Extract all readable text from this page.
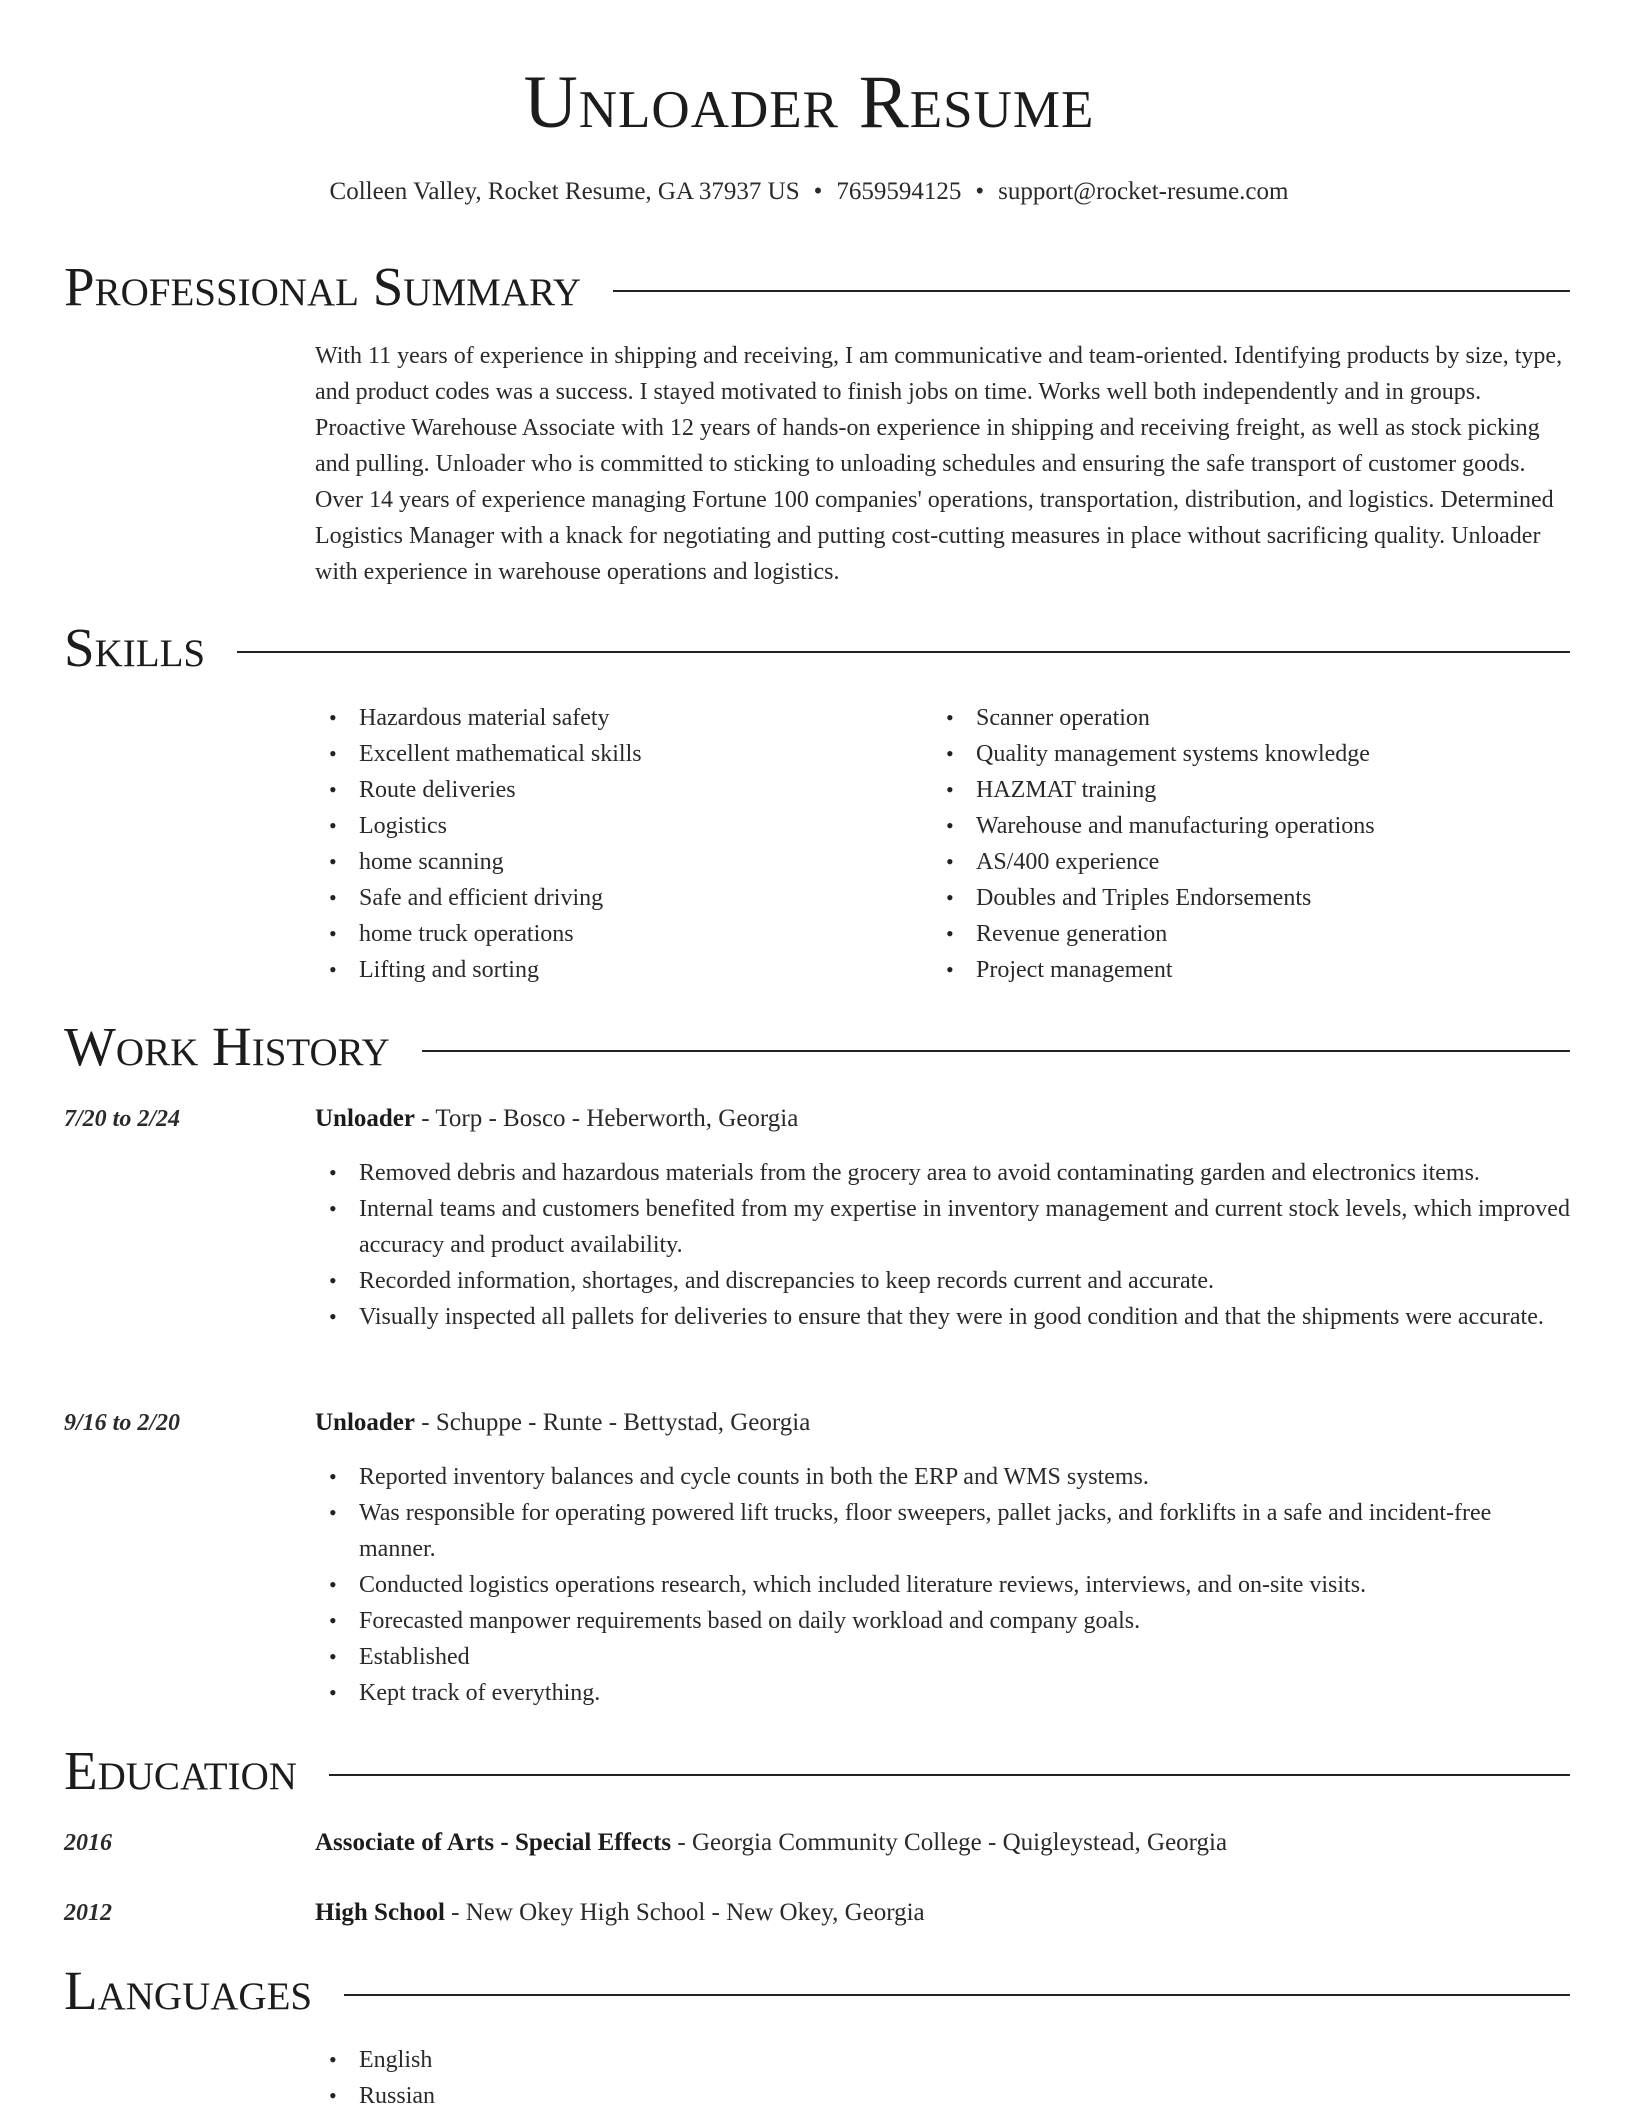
Unloader Resume
Colleen Valley, Rocket Resume, GA 37937 US • 7659594125 • support@rocket-resume.com
Professional Summary

With 11 years of experience in shipping and receiving, I am communicative and team-oriented. Identifying products by size, type, and product codes was a success. I stayed motivated to finish jobs on time. Works well both independently and in groups. Proactive Warehouse Associate with 12 years of hands-on experience in shipping and receiving freight, as well as stock picking and pulling. Unloader who is committed to sticking to unloading schedules and ensuring the safe transport of customer goods. Over 14 years of experience managing Fortune 100 companies' operations, transportation, distribution, and logistics. Determined Logistics Manager with a knack for negotiating and putting cost-cutting measures in place without sacrificing quality. Unloader with experience in warehouse operations and logistics.

Skills
• Hazardous material safety
• Excellent mathematical skills
• Route deliveries
• Logistics
• home scanning
• Safe and efficient driving
• home truck operations
• Lifting and sorting
• Scanner operation
• Quality management systems knowledge
• HAZMAT training
• Warehouse and manufacturing operations
• AS/400 experience
• Doubles and Triples Endorsements
• Revenue generation
• Project management
Work History
7/20 to 2/24	Unloader - Torp - Bosco - Heberworth, Georgia
• Removed debris and hazardous materials from the grocery area to avoid contaminating garden and electronics items.
• Internal teams and customers benefited from my expertise in inventory management and current stock levels, which improved accuracy and product availability.
• Recorded information, shortages, and discrepancies to keep records current and accurate.
• Visually inspected all pallets for deliveries to ensure that they were in good condition and that the shipments were accurate.
9/16 to 2/20	Unloader - Schuppe - Runte - Bettystad, Georgia
• Reported inventory balances and cycle counts in both the ERP and WMS systems.
• Was responsible for operating powered lift trucks, floor sweepers, pallet jacks, and forklifts in a safe and incident-free manner.
• Conducted logistics operations research, which included literature reviews, interviews, and on-site visits.
• Forecasted manpower requirements based on daily workload and company goals.
• Established
• Kept track of everything.
Education
2016	Associate of Arts - Special Effects - Georgia Community College - Quigleystead, Georgia
2012	High School - New Okey High School - New Okey, Georgia
Languages
• English
• Russian
